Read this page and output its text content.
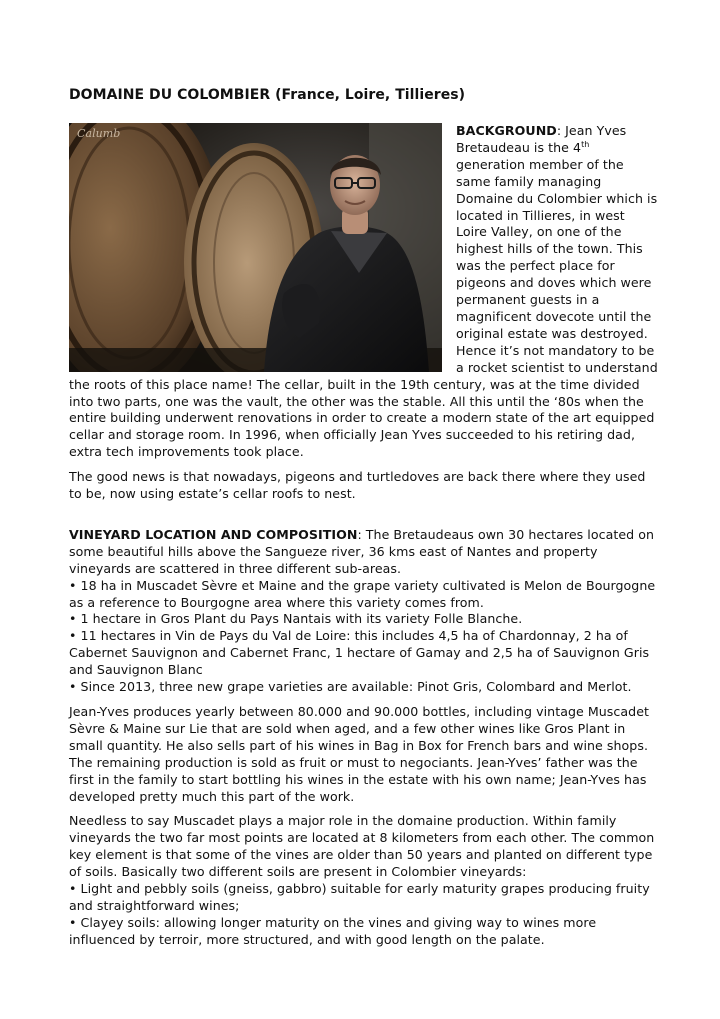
DOMAINE DU COLOMBIER (France, Loire, Tillieres)
Calumb	BACKGROUND: Jean Yves Bretaudeau is the 4th generation member of the same family managing Domaine du Colombier which is located in Tillieres, in west Loire Valley, on one of the highest hills of the town. This was the perfect place for pigeons and doves which were permanent guests in a magnificent dovecote until the original estate was destroyed. Hence it’s not mandatory to be a rocket scientist to understand the roots of this place name! The cellar, built in the 19th century, was at the time divided into two parts, one was the vault, the other was the stable. All this until the ‘80s when the entire building underwent renovations in order to create a modern state of the art equipped cellar and storage room. In 1996, when officially Jean Yves succeeded to his retiring dad, extra tech improvements took place.

The good news is that nowadays, pigeons and turtledoves are back there where they used to be, now using estate’s cellar roofs to nest.

VINEYARD LOCATION AND COMPOSITION: The Bretaudeaus own 30 hectares located on some beautiful hills above the Sangueze river, 36 kms east of Nantes and property vineyards are scattered in three different sub-areas.

• 18 ha in Muscadet Sèvre et Maine and the grape variety cultivated is Melon de Bourgogne as a reference to Bourgogne area where this variety comes from.

• 1 hectare in Gros Plant du Pays Nantais with its variety Folle Blanche.

• 11 hectares in Vin de Pays du Val de Loire: this includes 4,5 ha of Chardonnay, 2 ha of Cabernet Sauvignon and Cabernet Franc, 1 hectare of Gamay and 2,5 ha of Sauvignon Gris and Sauvignon Blanc

• Since 2013, three new grape varieties are available: Pinot Gris, Colombard and Merlot.

Jean-Yves produces yearly between 80.000 and 90.000 bottles, including vintage Muscadet Sèvre & Maine sur Lie that are sold when aged, and a few other wines like Gros Plant in small quantity. He also sells part of his wines in Bag in Box for French bars and wine shops. The remaining production is sold as fruit or must to negociants. Jean-Yves’ father was the first in the family to start bottling his wines in the estate with his own name; Jean-Yves has developed pretty much this part of the work.

Needless to say Muscadet plays a major role in the domaine production. Within family vineyards the two far most points are located at 8 kilometers from each other. The common key element is that some of the vines are older than 50 years and planted on different type of soils. Basically two different soils are present in Colombier vineyards:

• Light and pebbly soils (gneiss, gabbro) suitable for early maturity grapes producing fruity and straightforward wines;

• Clayey soils: allowing longer maturity on the vines and giving way to wines more influenced by terroir, more structured, and with good length on the palate.
